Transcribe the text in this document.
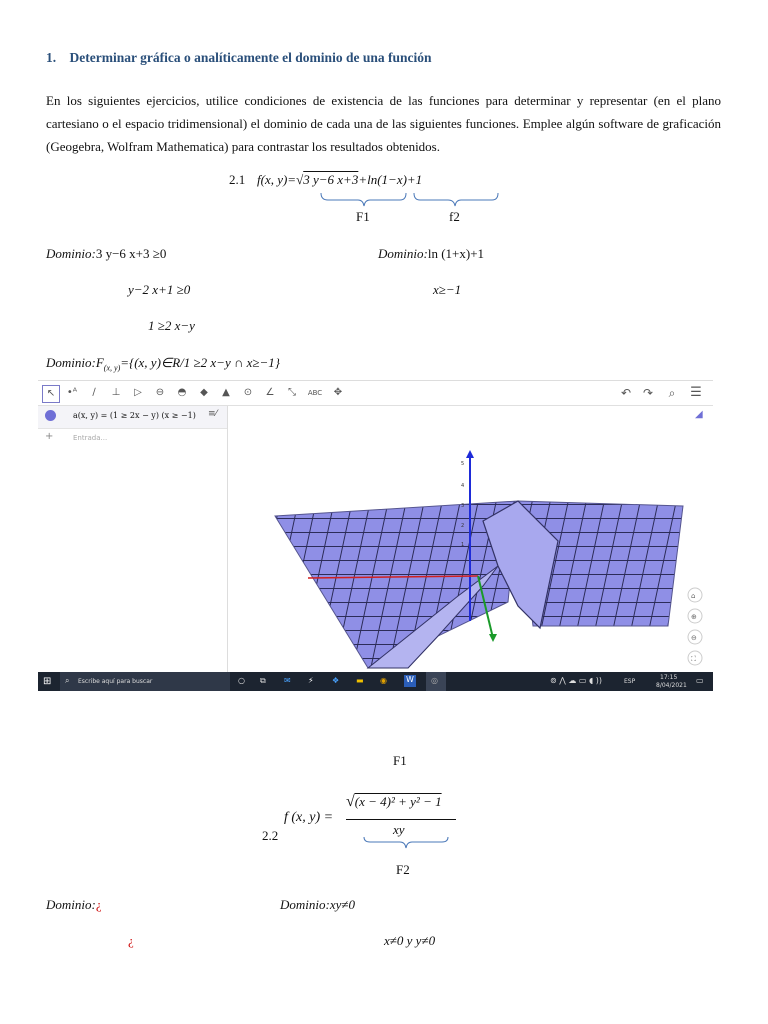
1. Determinar gráfica o analíticamente el dominio de una función
En los siguientes ejercicios, utilice condiciones de existencia de las funciones para determinar y representar (en el plano cartesiano o el espacio tridimensional) el dominio de cada una de las siguientes funciones. Emplee algún software de graficación (Geogebra, Wolfram Mathematica) para contrastar los resultados obtenidos.
2.1 f(x, y)=√3 y−6 x+3+ln(1−x)+1
F1	f2
Dominio:3 y−6 x+3 ≥0	Dominio:ln (1+x)+1
y−2 x+1 ≥0	x≥−1
1 ≥2 x−y
$Dominio:F_{(x, y)}=\{(x$, y)∈R/1 ≥2 x−y ∩ x≥−1}
↖	•ᴬ	∕	⊥	▷	⊖	◓	◆	▲	⊙	∠	⤡	ABC	✥	↶ ↷	⌕	☰
a(x, y) = (1 ≥ 2x − y) (x ≥ −1) ≡⁄
+	Entrada...
5
4
3
2
1
◢
⌂
⊕
⊖
⛶
⊞ ⌕ Escribe aquí para buscar	○ ⧉ ✉ ⚡ ❖ ▬ ◉ W ◎	⊚ ⋀ ☁ ▭ ◖ ))	ESP
17:15
8/04/2021
▭
F1
2.2
f (x, y) =
√(x − 4)² + y² − 1
xy
F2
Dominio:¿	Dominio:xy≠0
¿	x≠0 y y≠0
